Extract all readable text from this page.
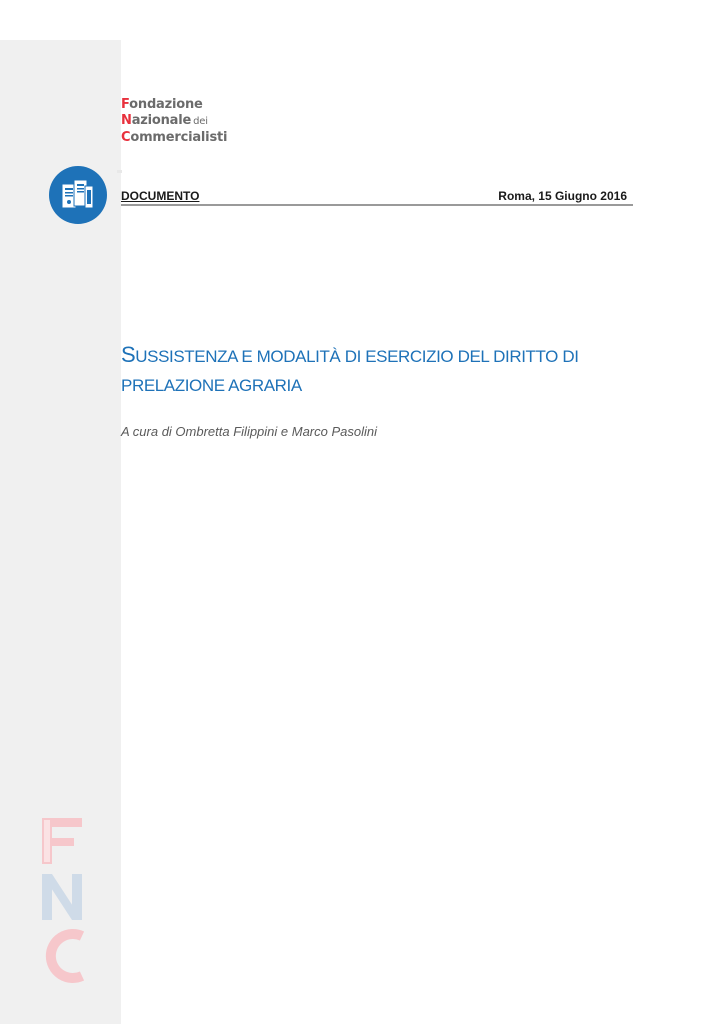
Fondazione
Nazionale dei
Commercialisti
DOCUMENTO	Roma, 15 Giugno 2016
SUSSISTENZA E MODALITÀ DI ESERCIZIO DEL DIRITTO DI
PRELAZIONE AGRARIA
A cura di Ombretta Filippini e Marco Pasolini
